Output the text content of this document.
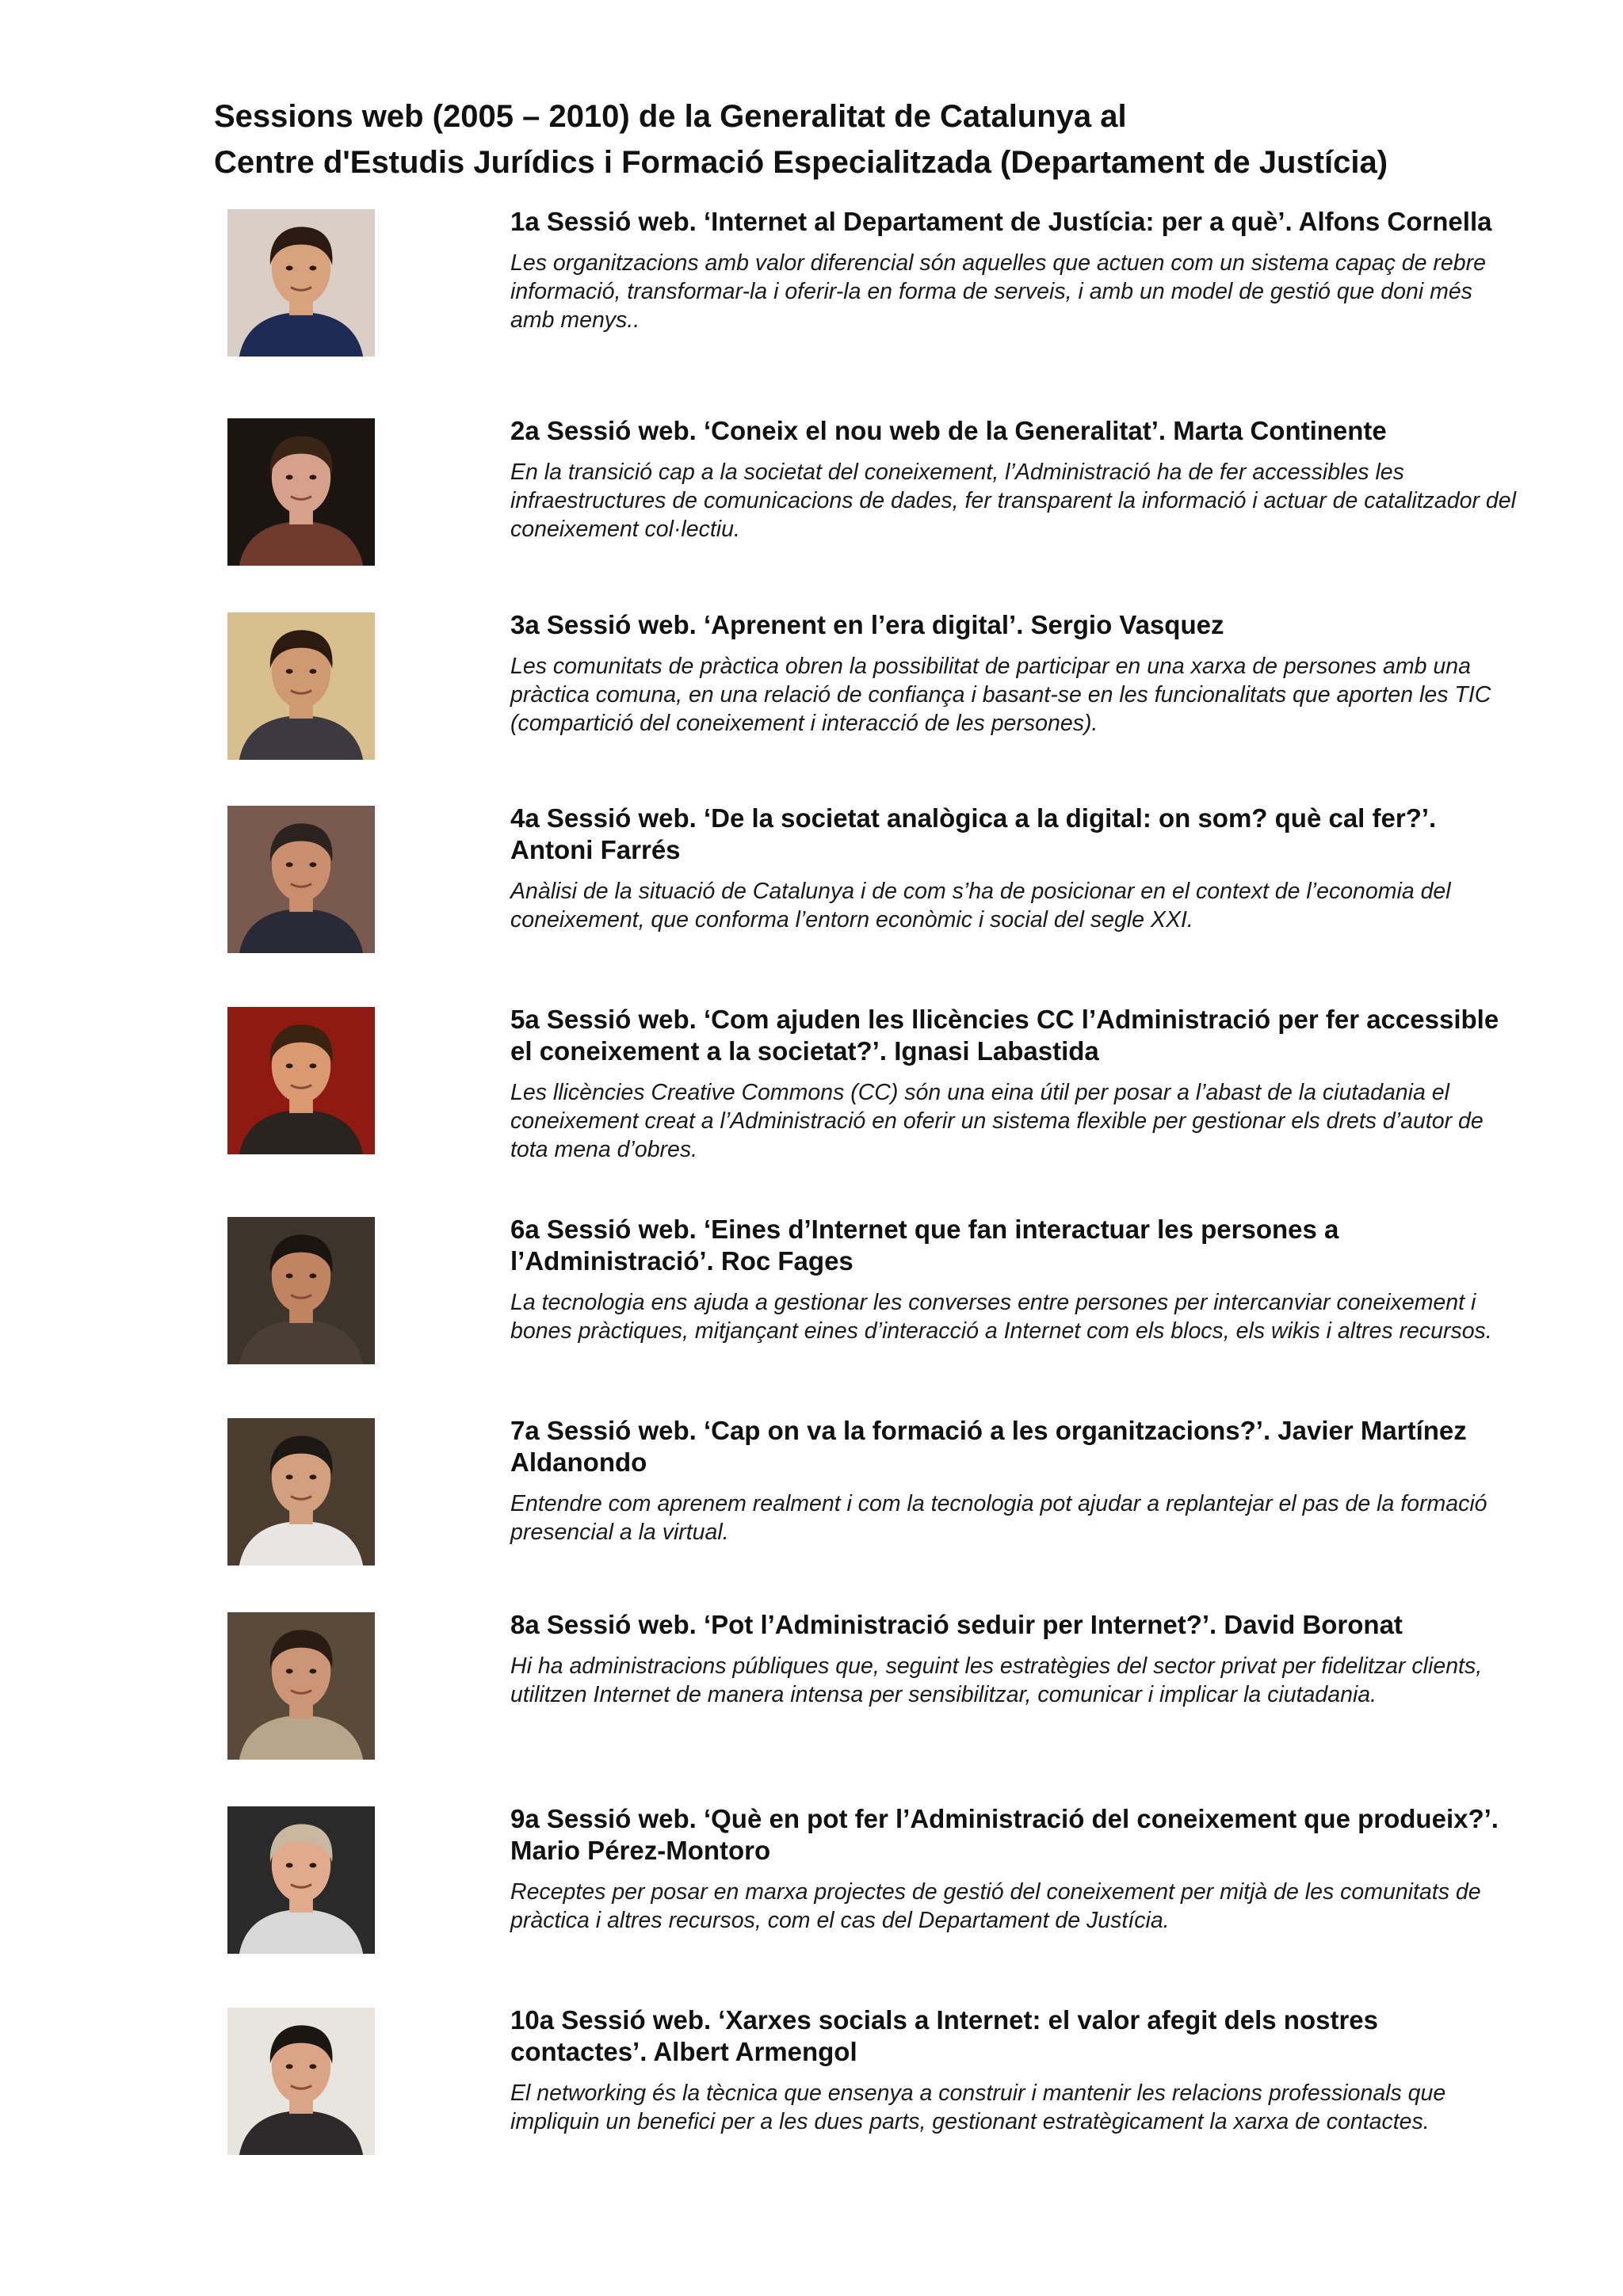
Sessions web (2005 – 2010) de la Generalitat de Catalunya al
Centre d'Estudis Jurídics i Formació Especialitzada (Departament de Justícia)

1a Sessió web. ‘Internet al Departament de Justícia: per a què’. Alfons Cornella

Les organitzacions amb valor diferencial són aquelles que actuen com un sistema capaç de rebre informació, transformar-la i oferir-la en forma de serveis, i amb un model de gestió que doni més amb menys..

2a Sessió web. ‘Coneix el nou web de la Generalitat’. Marta Continente

En la transició cap a la societat del coneixement, l’Administració ha de fer accessibles les infraestructures de comunicacions de dades, fer transparent la informació i actuar de catalitzador del coneixement col·lectiu.

3a Sessió web. ‘Aprenent en l’era digital’. Sergio Vasquez

Les comunitats de pràctica obren la possibilitat de participar en una xarxa de persones amb una pràctica comuna, en una relació de confiança i basant-se en les funcionalitats que aporten les TIC (compartició del coneixement i interacció de les persones).

4a Sessió web. ‘De la societat analògica a la digital: on som? què cal fer?’. Antoni Farrés

Anàlisi de la situació de Catalunya i de com s’ha de posicionar en el context de l’economia del coneixement, que conforma l’entorn econòmic i social del segle XXI.

5a Sessió web. ‘Com ajuden les llicències CC l’Administració per fer accessible el coneixement a la societat?’. Ignasi Labastida

Les llicències Creative Commons (CC) són una eina útil per posar a l’abast de la ciutadania el coneixement creat a l’Administració en oferir un sistema flexible per gestionar els drets d’autor de tota mena d’obres.

6a Sessió web. ‘Eines d’Internet que fan interactuar les persones a l’Administració’. Roc Fages

La tecnologia ens ajuda a gestionar les converses entre persones per intercanviar coneixement i bones pràctiques, mitjançant eines d’interacció a Internet com els blocs, els wikis i altres recursos.

7a Sessió web. ‘Cap on va la formació a les organitzacions?’. Javier Martínez Aldanondo

Entendre com aprenem realment i com la tecnologia pot ajudar a replantejar el pas de la formació presencial a la virtual.

8a Sessió web. ‘Pot l’Administració seduir per Internet?’. David Boronat

Hi ha administracions públiques que, seguint les estratègies del sector privat per fidelitzar clients, utilitzen Internet de manera intensa per sensibilitzar, comunicar i implicar la ciutadania.

9a Sessió web. ‘Què en pot fer l’Administració del coneixement que produeix?’. Mario Pérez-Montoro

Receptes per posar en marxa projectes de gestió del coneixement per mitjà de les comunitats de pràctica i altres recursos, com el cas del Departament de Justícia.

10a Sessió web. ‘Xarxes socials a Internet: el valor afegit dels nostres contactes’. Albert Armengol

El networking és la tècnica que ensenya a construir i mantenir les relacions professionals que impliquin un benefici per a les dues parts, gestionant estratègicament la xarxa de contactes.
